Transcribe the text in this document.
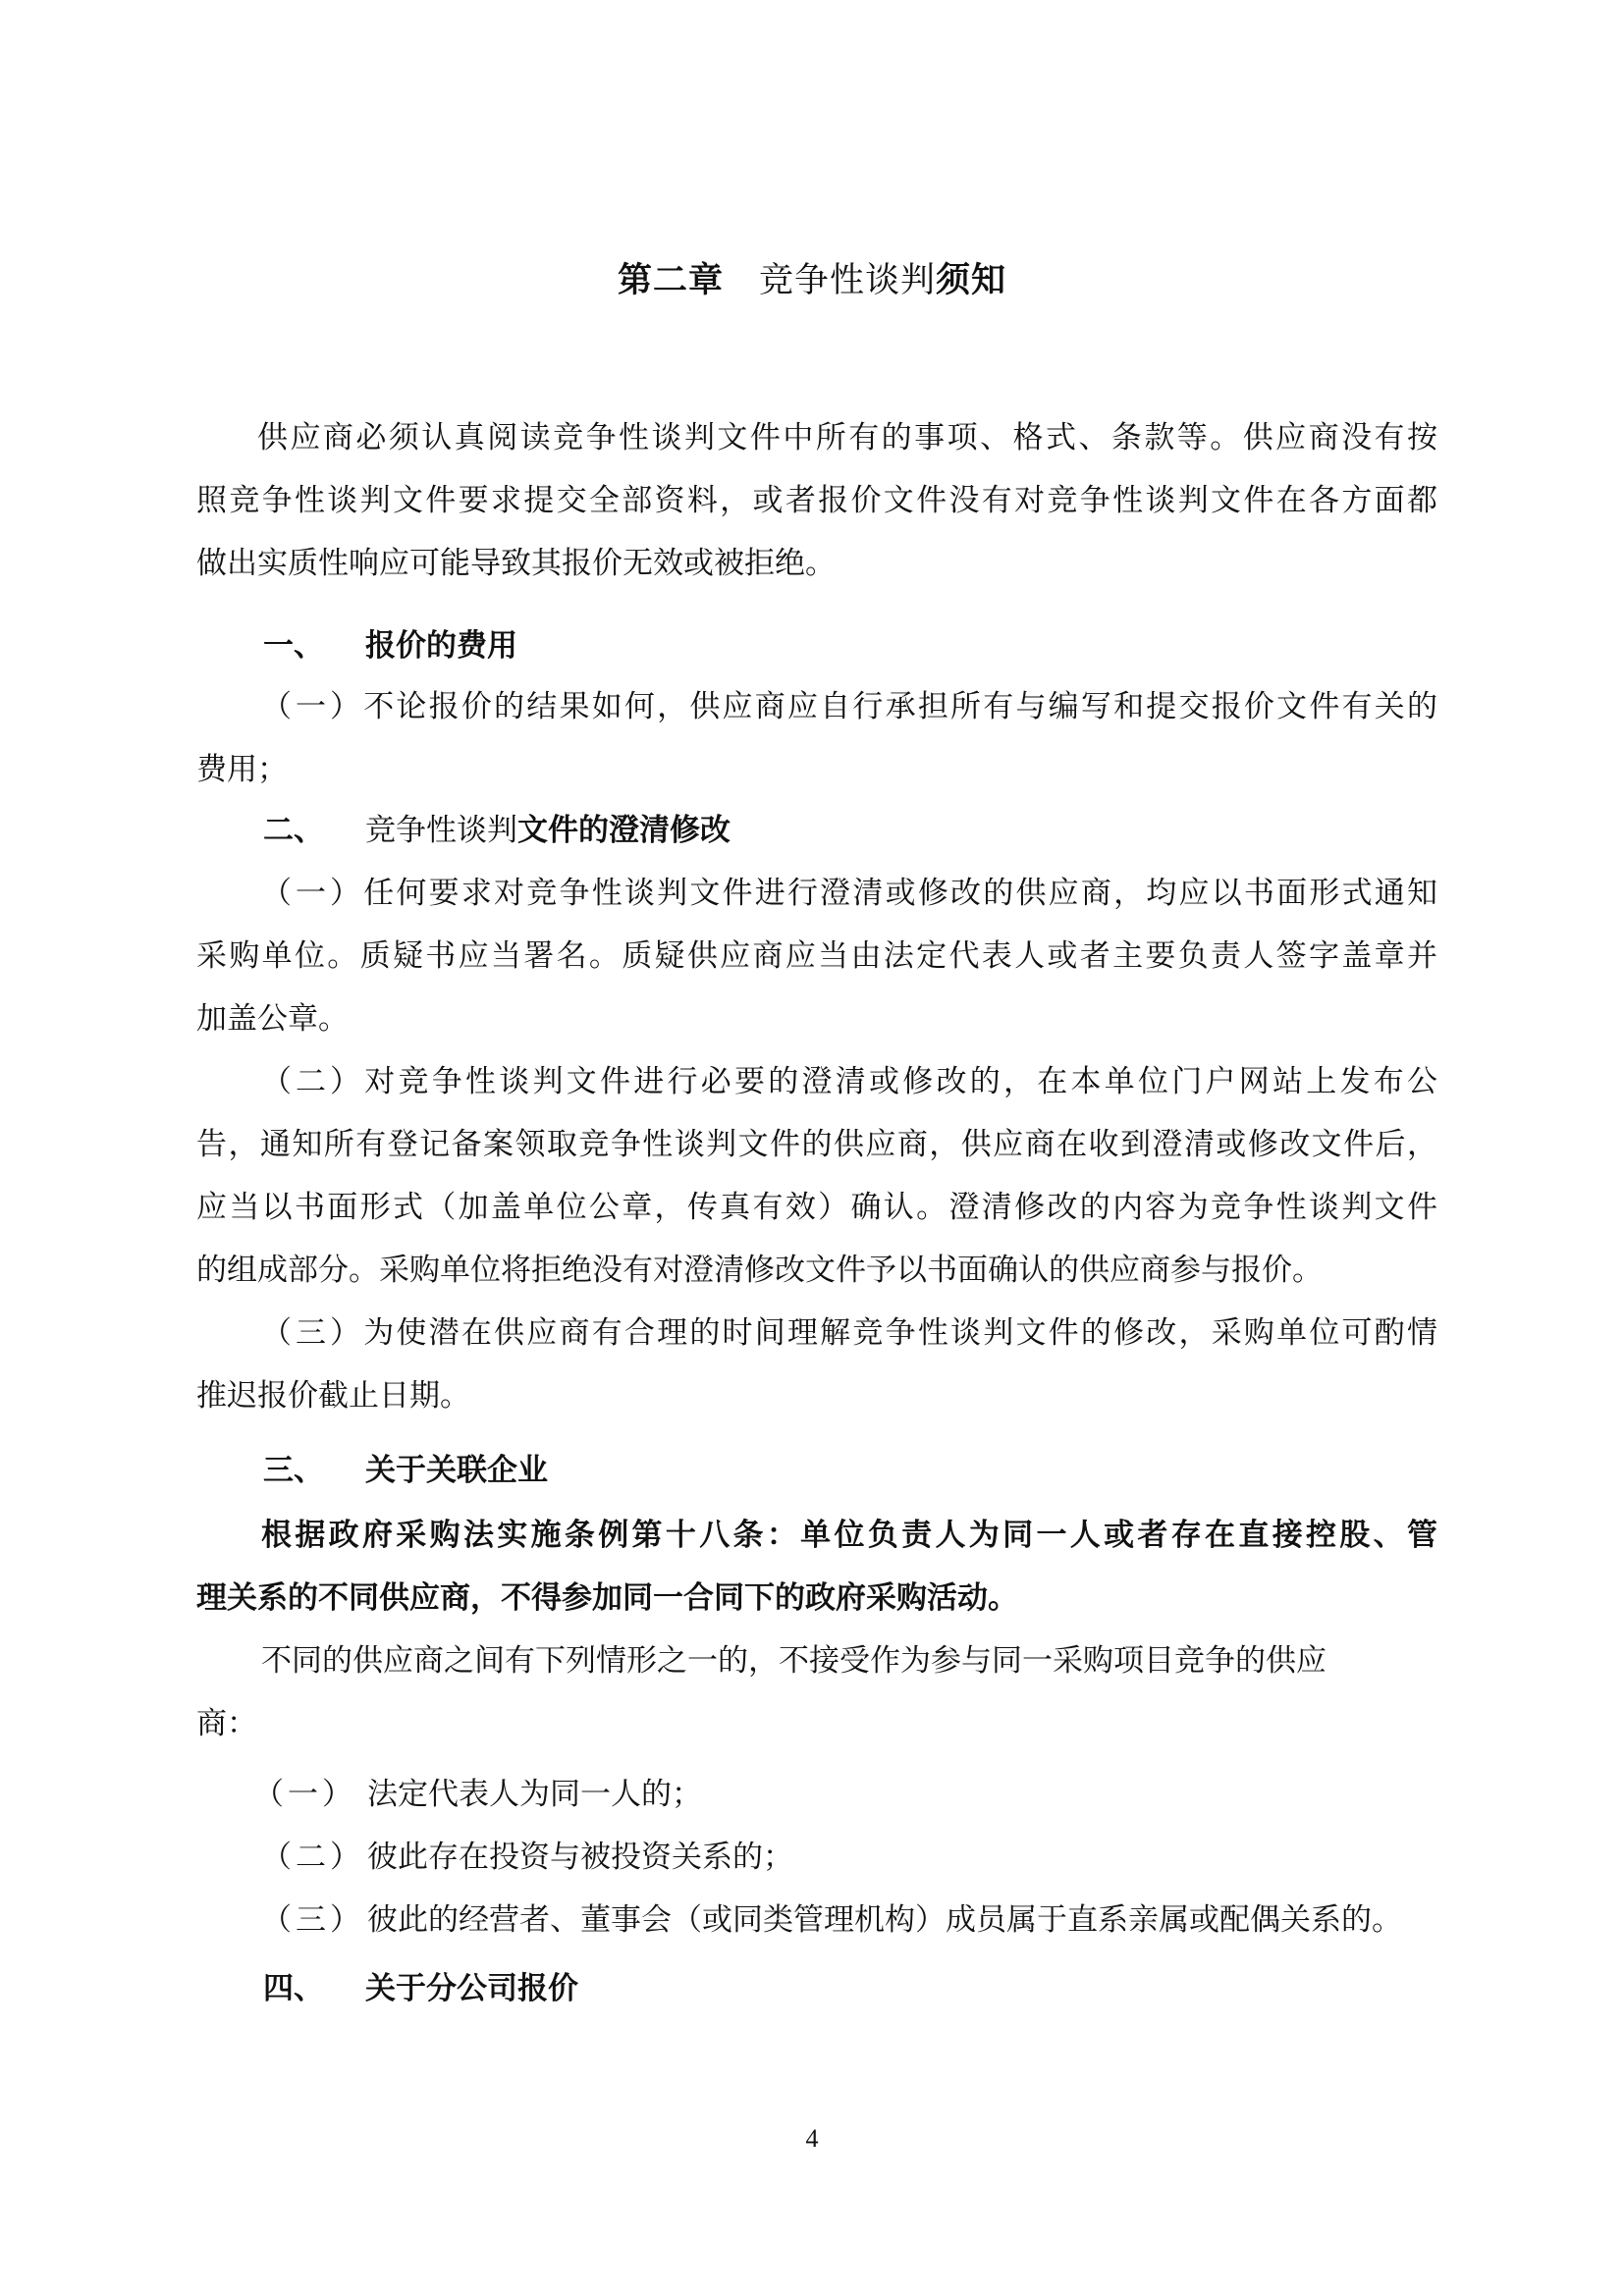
第二章 竞争性谈判须知
供应商必须认真阅读竞争性谈判文件中所有的事项、格式、条款等。供应商没有按
照竞争性谈判文件要求提交全部资料，或者报价文件没有对竞争性谈判文件在各方面都
做出实质性响应可能导致其报价无效或被拒绝。
一、 报价的费用
（一）不论报价的结果如何，供应商应自行承担所有与编写和提交报价文件有关的
费用；
二、 竞争性谈判文件的澄清修改
（一）任何要求对竞争性谈判文件进行澄清或修改的供应商，均应以书面形式通知
采购单位。质疑书应当署名。质疑供应商应当由法定代表人或者主要负责人签字盖章并
加盖公章。
（二）对竞争性谈判文件进行必要的澄清或修改的，在本单位门户网站上发布公
告，通知所有登记备案领取竞争性谈判文件的供应商，供应商在收到澄清或修改文件后，
应当以书面形式（加盖单位公章，传真有效）确认。澄清修改的内容为竞争性谈判文件
的组成部分。采购单位将拒绝没有对澄清修改文件予以书面确认的供应商参与报价。
（三）为使潜在供应商有合理的时间理解竞争性谈判文件的修改，采购单位可酌情
推迟报价截止日期。
三、 关于关联企业
根据政府采购法实施条例第十八条：单位负责人为同一人或者存在直接控股、管
理关系的不同供应商，不得参加同一合同下的政府采购活动。
不同的供应商之间有下列情形之一的，不接受作为参与同一采购项目竞争的供应
商：
（一） 法定代表人为同一人的；
（二）彼此存在投资与被投资关系的；
（三）彼此的经营者、董事会（或同类管理机构）成员属于直系亲属或配偶关系的。
四、 关于分公司报价
4
